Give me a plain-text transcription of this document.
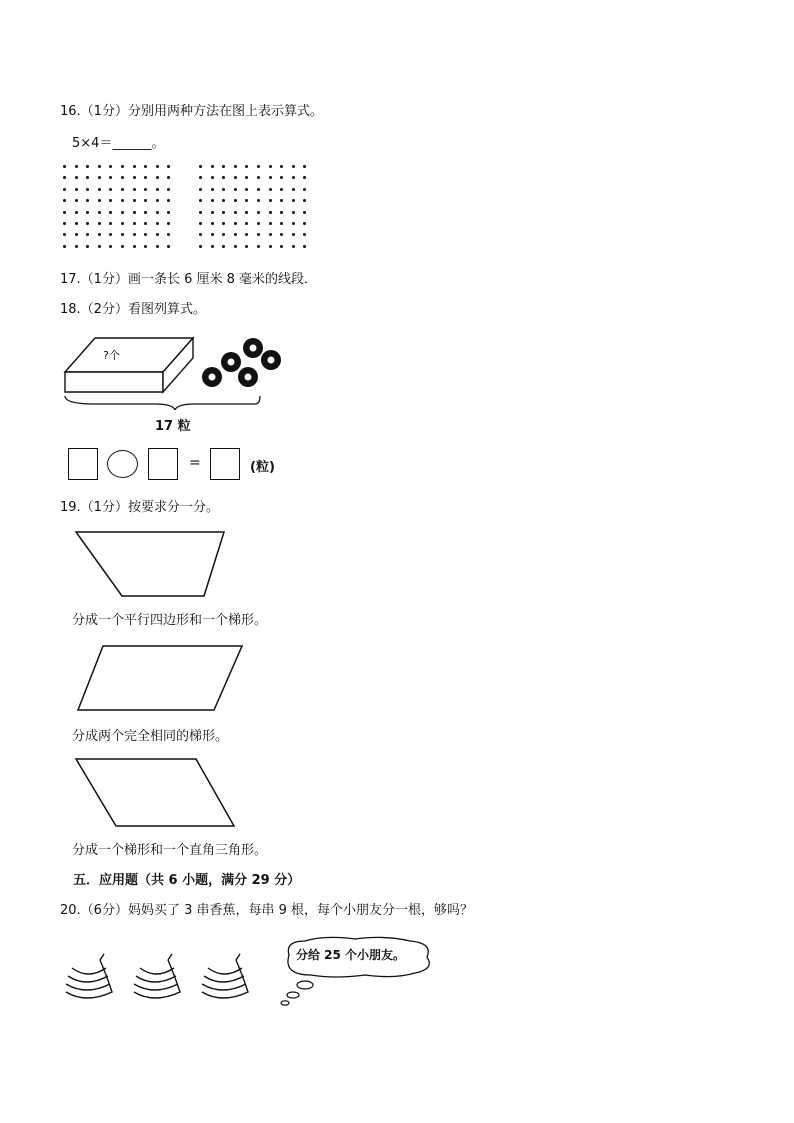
16.（1分）分别用两种方法在图上表示算式。
5×4＝______。
17.（1分）画一条长 6 厘米 8 毫米的线段．
18.（2分）看图列算式。
?个
17 粒
=	(粒)
19.（1分）按要求分一分。
分成一个平行四边形和一个梯形。
分成两个完全相同的梯形。
分成一个梯形和一个直角三角形。
五．应用题（共 6 小题，满分 29 分）
20.（6分）妈妈买了 3 串香蕉，每串 9 根，每个小朋友分一根，够吗？
分给 25 个小朋友。
